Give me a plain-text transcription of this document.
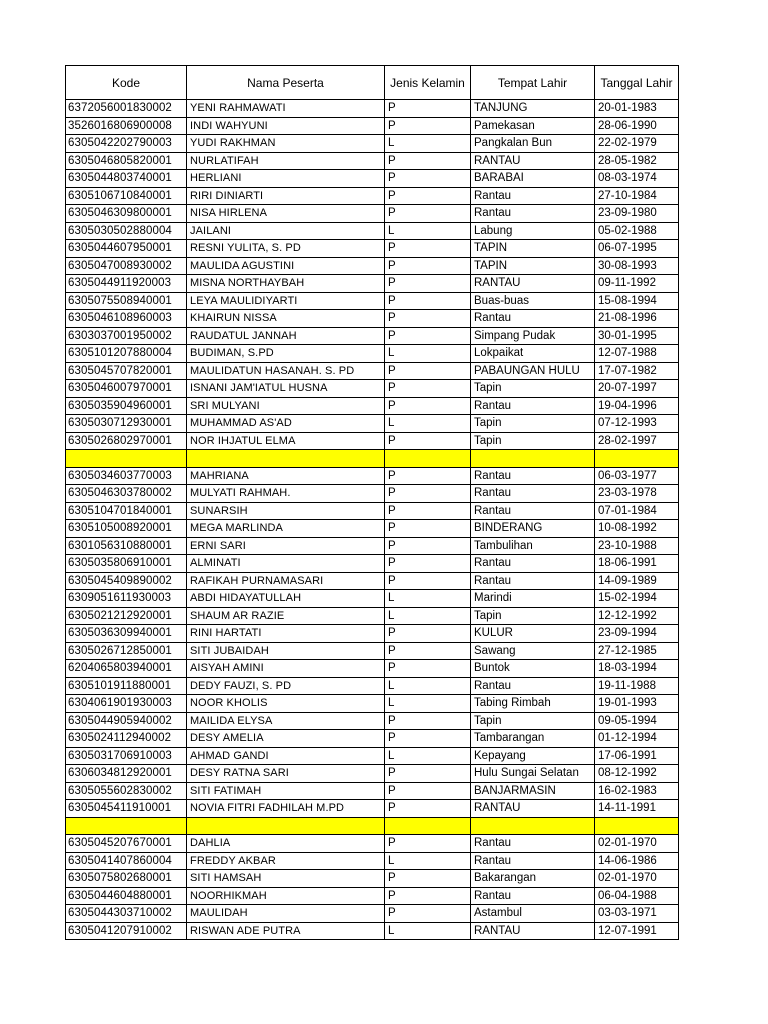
Kode	Nama Peserta	Jenis Kelamin	Tempat Lahir	Tanggal Lahir
6372056001830002	YENI RAHMAWATI	P	TANJUNG	20-01-1983
3526016806900008	INDI WAHYUNI	P	Pamekasan	28-06-1990
6305042202790003	YUDI RAKHMAN	L	Pangkalan Bun	22-02-1979
6305046805820001	NURLATIFAH	P	RANTAU	28-05-1982
6305044803740001	HERLIANI	P	BARABAI	08-03-1974
6305106710840001	RIRI DINIARTI	P	Rantau	27-10-1984
6305046309800001	NISA HIRLENA	P	Rantau	23-09-1980
6305030502880004	JAILANI	L	Labung	05-02-1988
6305044607950001	RESNI YULITA, S. PD	P	TAPIN	06-07-1995
6305047008930002	MAULIDA AGUSTINI	P	TAPIN	30-08-1993
6305044911920003	MISNA NORTHAYBAH	P	RANTAU	09-11-1992
6305075508940001	LEYA MAULIDIYARTI	P	Buas-buas	15-08-1994
6305046108960003	KHAIRUN NISSA	P	Rantau	21-08-1996
6303037001950002	RAUDATUL JANNAH	P	Simpang Pudak	30-01-1995
6305101207880004	BUDIMAN, S.PD	L	Lokpaikat	12-07-1988
6305045707820001	MAULIDATUN HASANAH. S. PD	P	PABAUNGAN HULU	17-07-1982
6305046007970001	ISNANI JAM'IATUL HUSNA	P	Tapin	20-07-1997
6305035904960001	SRI MULYANI	P	Rantau	19-04-1996
6305030712930001	MUHAMMAD AS'AD	L	Tapin	07-12-1993
6305026802970001	NOR IHJATUL ELMA	P	Tapin	28-02-1997

6305034603770003	MAHRIANA	P	Rantau	06-03-1977
6305046303780002	MULYATI RAHMAH.	P	Rantau	23-03-1978
6305104701840001	SUNARSIH	P	Rantau	07-01-1984
6305105008920001	MEGA MARLINDA	P	BINDERANG	10-08-1992
6301056310880001	ERNI SARI	P	Tambulihan	23-10-1988
6305035806910001	ALMINATI	P	Rantau	18-06-1991
6305045409890002	RAFIKAH PURNAMASARI	P	Rantau	14-09-1989
6309051611930003	ABDI HIDAYATULLAH	L	Marindi	15-02-1994
6305021212920001	SHAUM AR RAZIE	L	Tapin	12-12-1992
6305036309940001	RINI HARTATI	P	KULUR	23-09-1994
6305026712850001	SITI JUBAIDAH	P	Sawang	27-12-1985
6204065803940001	AISYAH AMINI	P	Buntok	18-03-1994
6305101911880001	DEDY FAUZI, S. PD	L	Rantau	19-11-1988
6304061901930003	NOOR KHOLIS	L	Tabing Rimbah	19-01-1993
6305044905940002	MAILIDA ELYSA	P	Tapin	09-05-1994
6305024112940002	DESY AMELIA	P	Tambarangan	01-12-1994
6305031706910003	AHMAD GANDI	L	Kepayang	17-06-1991
6306034812920001	DESY RATNA SARI	P	Hulu Sungai Selatan	08-12-1992
6305055602830002	SITI FATIMAH	P	BANJARMASIN	16-02-1983
6305045411910001	NOVIA FITRI FADHILAH M.PD	P	RANTAU	14-11-1991

6305045207670001	DAHLIA	P	Rantau	02-01-1970
6305041407860004	FREDDY AKBAR	L	Rantau	14-06-1986
6305075802680001	SITI HAMSAH	P	Bakarangan	02-01-1970
6305044604880001	NOORHIKMAH	P	Rantau	06-04-1988
6305044303710002	MAULIDAH	P	Astambul	03-03-1971
6305041207910002	RISWAN ADE PUTRA	L	RANTAU	12-07-1991
